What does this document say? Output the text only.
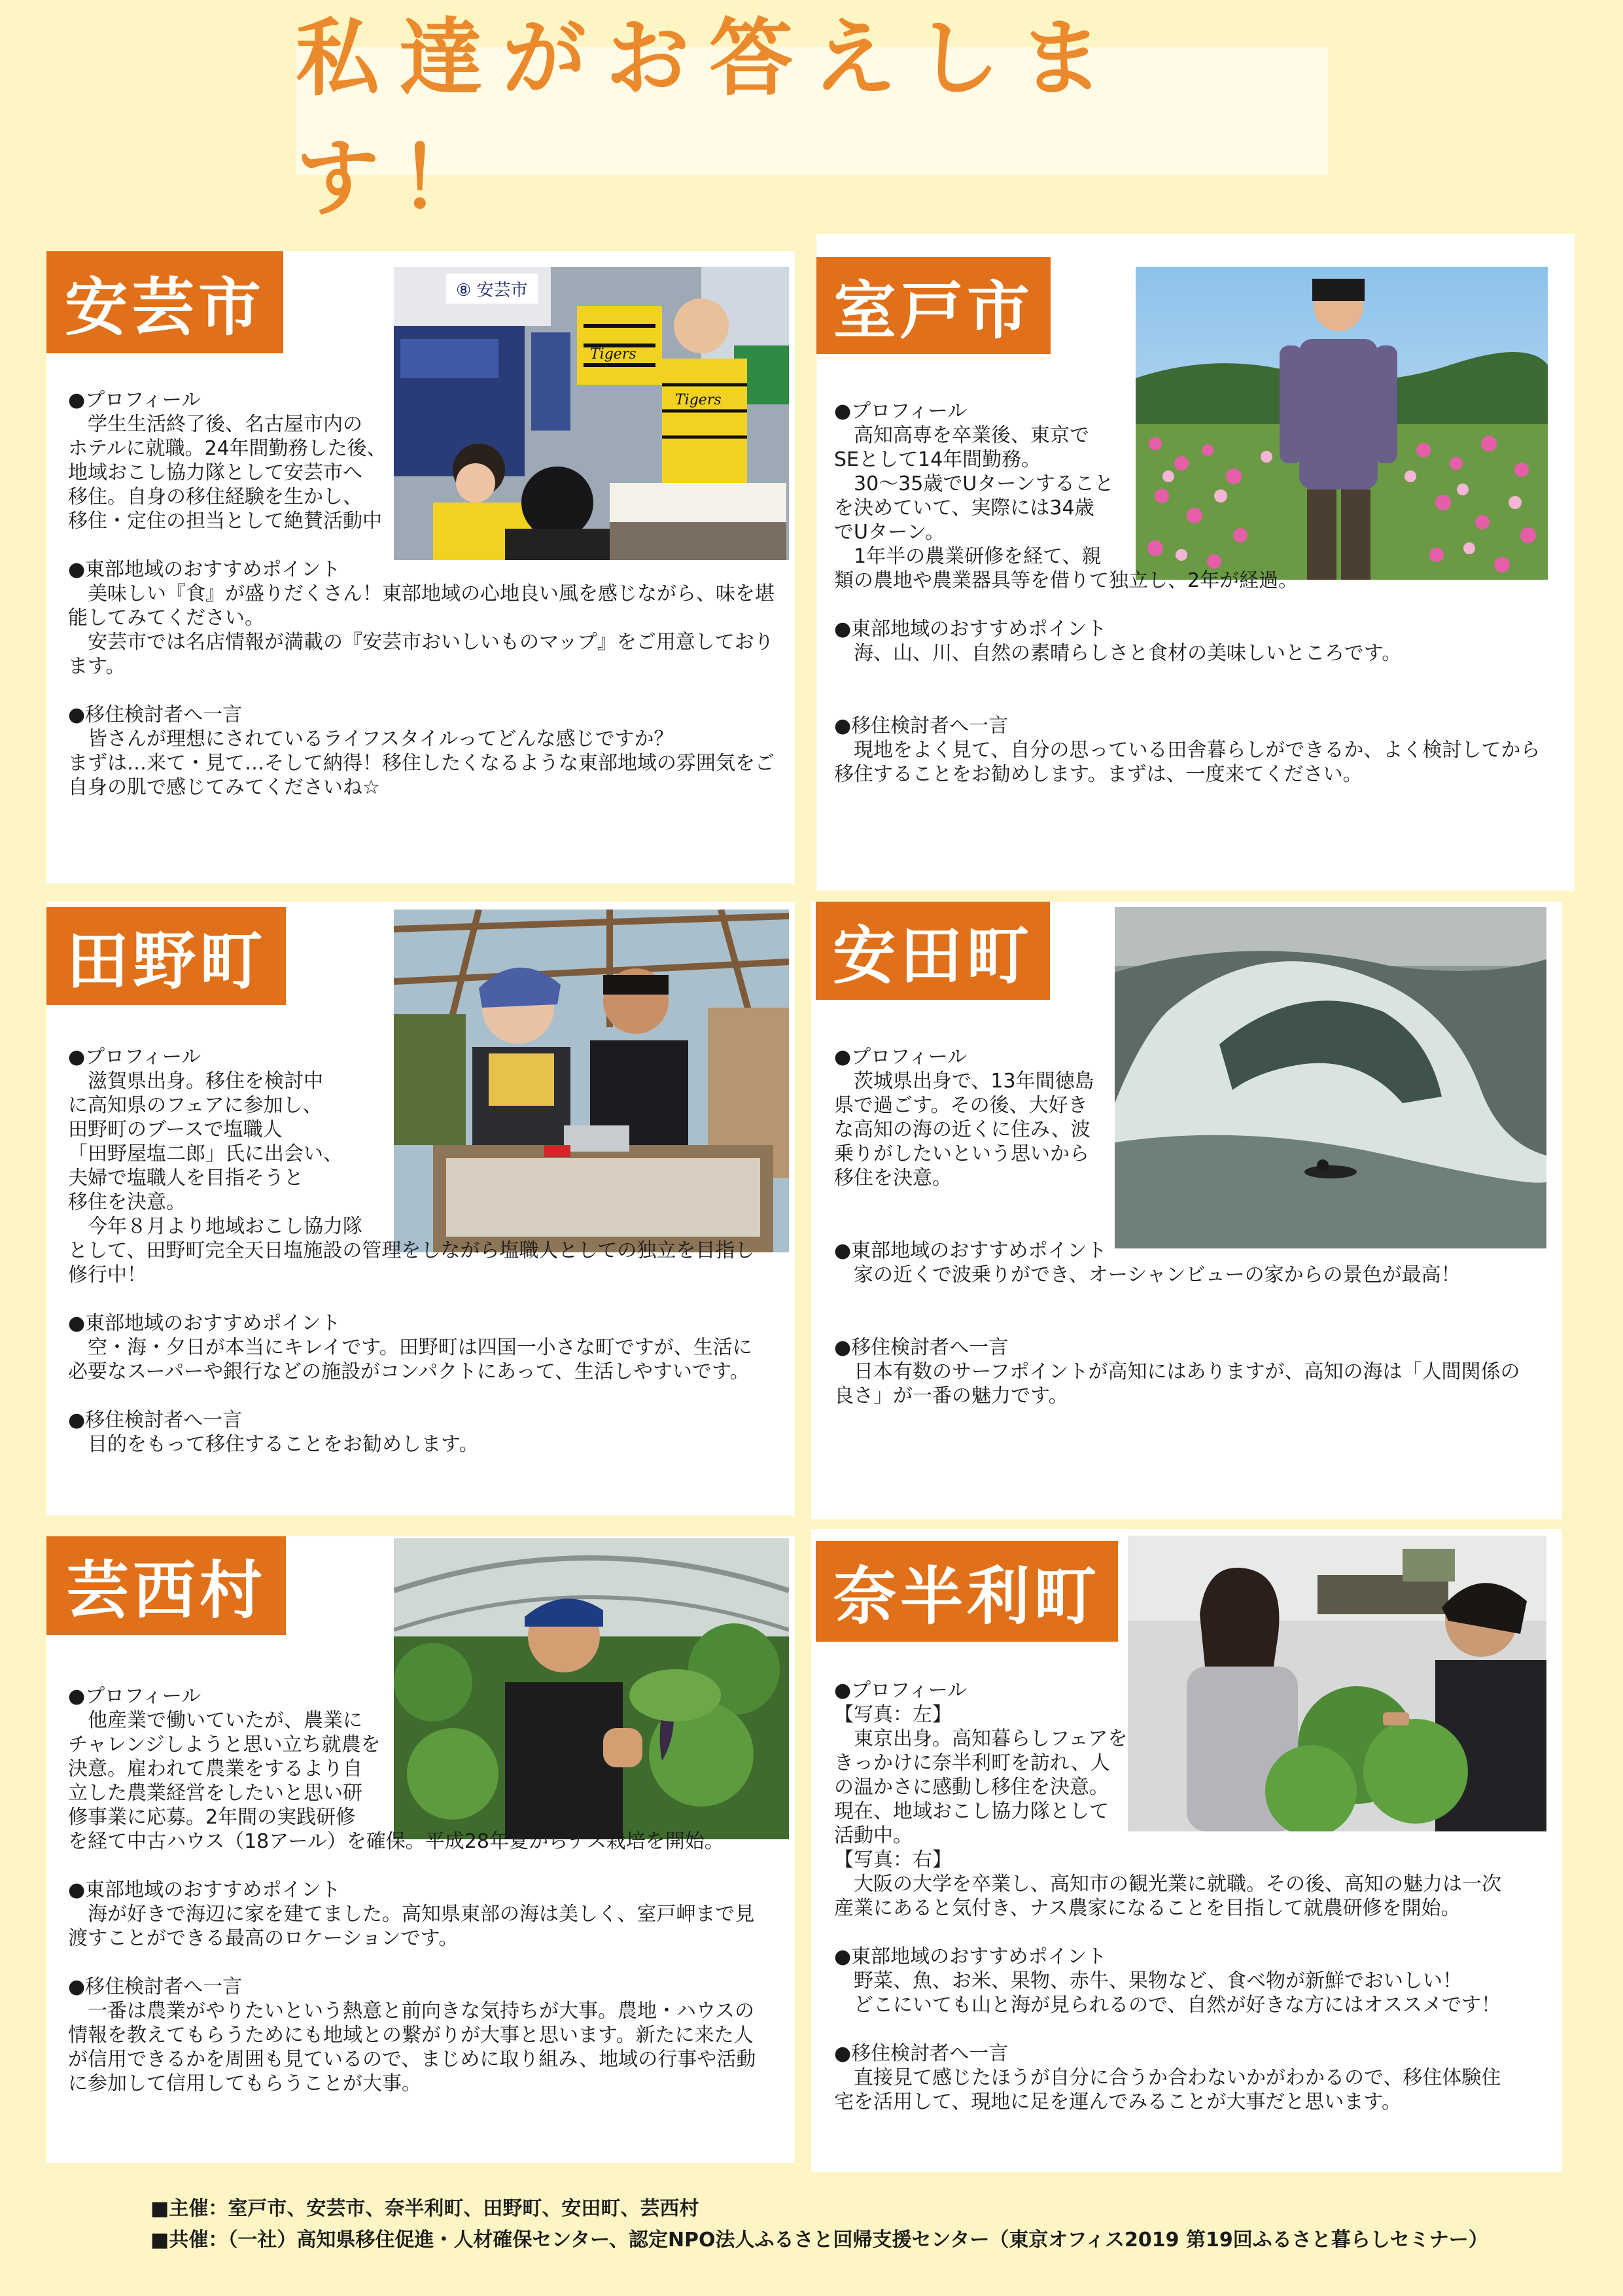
私達がお答えします！
安芸市	⑧ 安芸市
Tigers
Tigers
●プロフィール
　学生生活終了後、名古屋市内の
ホテルに就職。24年間勤務した後、
地域おこし協力隊として安芸市へ
移住。自身の移住経験を生かし、
移住・定住の担当として絶賛活動中

●東部地域のおすすめポイント
　美味しい『食』が盛りだくさん！東部地域の心地良い風を感じながら、味を堪
能してみてください。
　安芸市では名店情報が満載の『安芸市おいしいものマップ』をご用意しており
ます。

●移住検討者へ一言
　皆さんが理想にされているライフスタイルってどんな感じですか？
まずは…来て・見て…そして納得！移住したくなるような東部地域の雰囲気をご
自身の肌で感じてみてくださいね☆
室戸市
●プロフィール
　高知高専を卒業後、東京で
SEとして14年間勤務。
　30～35歳でUターンすること
を決めていて、実際には34歳
でUターン。
　1年半の農業研修を経て、親
類の農地や農業器具等を借りて独立し、2年が経過。

●東部地域のおすすめポイント
　海、山、川、自然の素晴らしさと食材の美味しいところです。

●移住検討者へ一言
　現地をよく見て、自分の思っている田舎暮らしができるか、よく検討してから
移住することをお勧めします。まずは、一度来てください。
田野町
●プロフィール
　滋賀県出身。移住を検討中
に高知県のフェアに参加し、
田野町のブースで塩職人
「田野屋塩二郎」氏に出会い、
夫婦で塩職人を目指そうと
移住を決意。
　今年８月より地域おこし協力隊
として、田野町完全天日塩施設の管理をしながら塩職人としての独立を目指し
修行中！

●東部地域のおすすめポイント
　空・海・夕日が本当にキレイです。田野町は四国一小さな町ですが、生活に
必要なスーパーや銀行などの施設がコンパクトにあって、生活しやすいです。

●移住検討者へ一言
　目的をもって移住することをお勧めします。
安田町
●プロフィール
　茨城県出身で、13年間徳島
県で過ごす。その後、大好き
な高知の海の近くに住み、波
乗りがしたいという思いから
移住を決意。

●東部地域のおすすめポイント
　家の近くで波乗りができ、オーシャンビューの家からの景色が最高！

●移住検討者へ一言
　日本有数のサーフポイントが高知にはありますが、高知の海は「人間関係の
良さ」が一番の魅力です。
芸西村
●プロフィール
　他産業で働いていたが、農業に
チャレンジしようと思い立ち就農を
決意。雇われて農業をするより自
立した農業経営をしたいと思い研
修事業に応募。2年間の実践研修
を経て中古ハウス（18アール）を確保。平成28年夏からナス栽培を開始。

●東部地域のおすすめポイント
　海が好きで海辺に家を建てました。高知県東部の海は美しく、室戸岬まで見
渡すことができる最高のロケーションです。

●移住検討者へ一言
　一番は農業がやりたいという熱意と前向きな気持ちが大事。農地・ハウスの
情報を教えてもらうためにも地域との繋がりが大事と思います。新たに来た人
が信用できるかを周囲も見ているので、まじめに取り組み、地域の行事や活動
に参加して信用してもらうことが大事。
奈半利町
●プロフィール
【写真：左】
　東京出身。高知暮らしフェアを
きっかけに奈半利町を訪れ、人
の温かさに感動し移住を決意。
現在、地域おこし協力隊として
活動中。
【写真：右】
　大阪の大学を卒業し、高知市の観光業に就職。その後、高知の魅力は一次
産業にあると気付き、ナス農家になることを目指して就農研修を開始。

●東部地域のおすすめポイント
　野菜、魚、お米、果物、赤牛、果物など、食べ物が新鮮でおいしい！
　どこにいても山と海が見られるので、自然が好きな方にはオススメです！

●移住検討者へ一言
　直接見て感じたほうが自分に合うか合わないかがわかるので、移住体験住
宅を活用して、現地に足を運んでみることが大事だと思います。
■主催：室戸市、安芸市、奈半利町、田野町、安田町、芸西村
■共催：（一社）高知県移住促進・人材確保センター、認定NPO法人ふるさと回帰支援センター（東京オフィス2019 第19回ふるさと暮らしセミナー）
